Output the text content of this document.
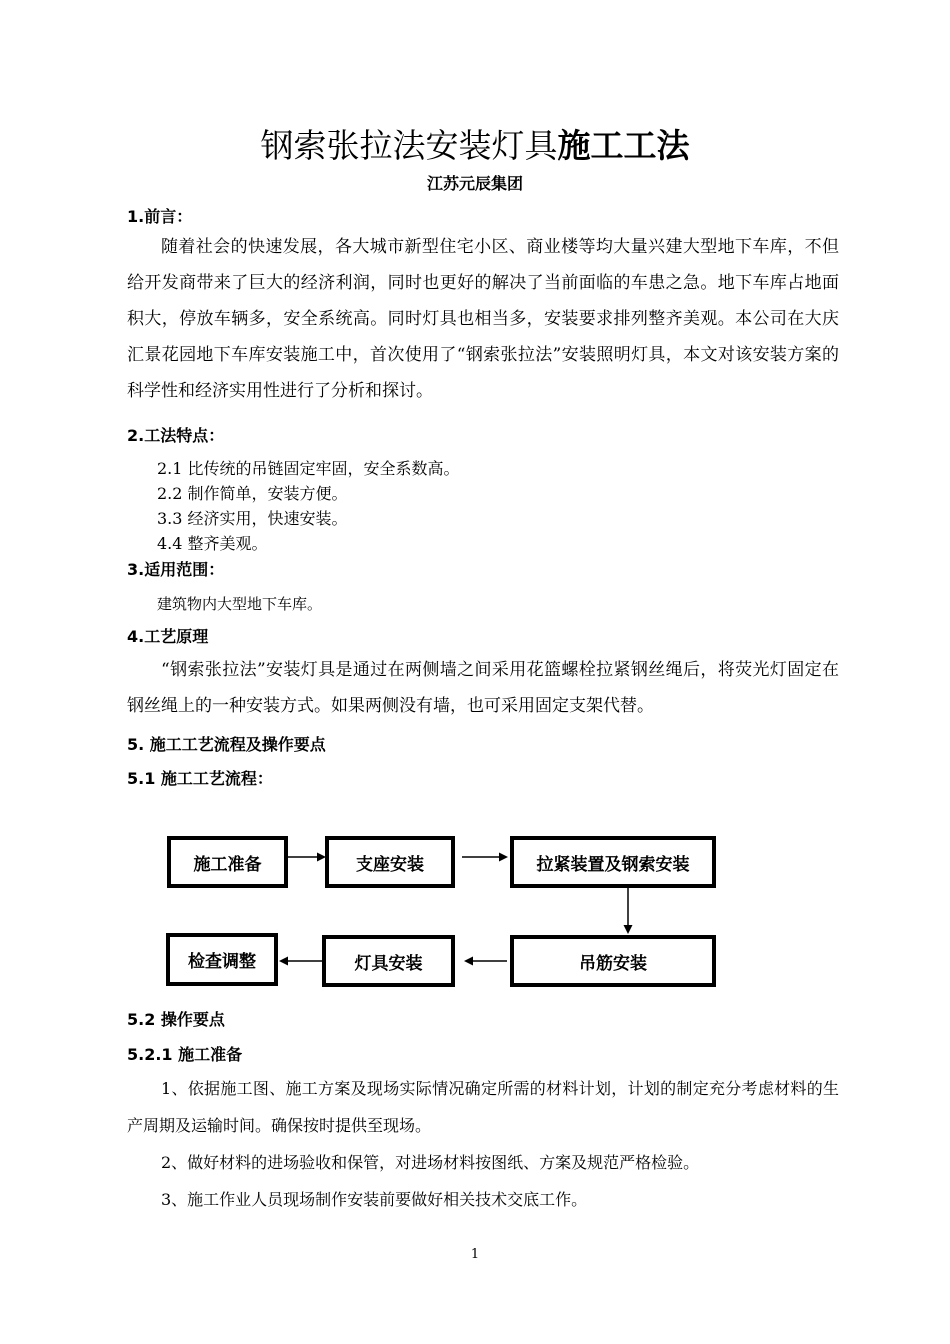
钢索张拉法安装灯具施工工法
江苏元辰集团
1.前言：

随着社会的快速发展，各大城市新型住宅小区、商业楼等均大量兴建大型地下车库，不但给开发商带来了巨大的经济利润，同时也更好的解决了当前面临的车患之急。地下车库占地面积大，停放车辆多，安全系统高。同时灯具也相当多，安装要求排列整齐美观。本公司在大庆汇景花园地下车库安装施工中，首次使用了“钢索张拉法”安装照明灯具，本文对该安装方案的科学性和经济实用性进行了分析和探讨。

2.工法特点：
2.1 比传统的吊链固定牢固，安全系数高。
2.2 制作简单，安装方便。
3.3 经济实用，快速安装。
4.4 整齐美观。
3.适用范围：
建筑物内大型地下车库。
4.工艺原理

“钢索张拉法”安装灯具是通过在两侧墙之间采用花篮螺栓拉紧钢丝绳后，将荧光灯固定在钢丝绳上的一种安装方式。如果两侧没有墙，也可采用固定支架代替。

5. 施工工艺流程及操作要点
5.1 施工工艺流程：
施工准备	支座安装	拉紧装置及钢索安装
吊筋安装
灯具安装
检查调整
5.2 操作要点
5.2.1 施工准备

1、依据施工图、施工方案及现场实际情况确定所需的材料计划，计划的制定充分考虑材料的生产周期及运输时间。确保按时提供至现场。

2、做好材料的进场验收和保管，对进场材料按图纸、方案及规范严格检验。

3、施工作业人员现场制作安装前要做好相关技术交底工作。

1
